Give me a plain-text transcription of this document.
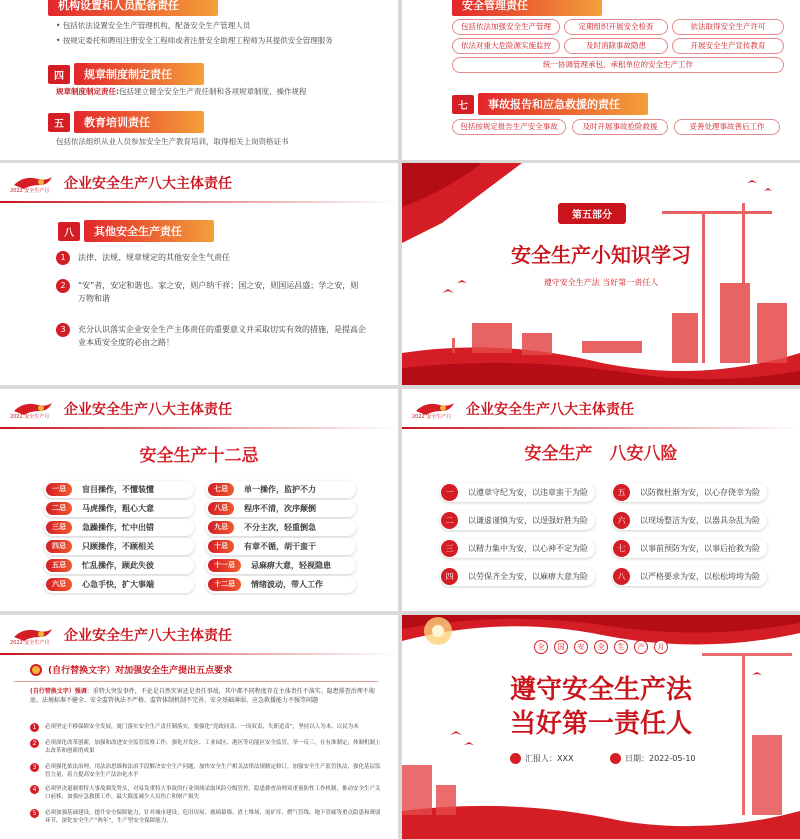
机构设置和人员配备责任
• 包括依法设置安全生产管理机构，配备安全生产管理人员
• 按规定委托和聘用注册安全工程师或者注册安全助理工程师为其提供安全管理服务
四	规章制度制定责任
规章制度制定责任:包括建立健全安全生产责任制和各项规章制度、操作规程
五	教育培训责任
包括依法组织从业人员参加安全生产教育培训，取得相关上岗资格证书
安全管理责任
包括依法加强安全生产管理	定期组织开展安全检查	依法取得安全生产许可
依法对重大危险源实施监控	及时消除事故隐患	开展安全生产宣传教育
统一协调管理承包、承租单位的安全生产工作
七	事故报告和应急救援的责任
包括按规定报告生产安全事故	及时开展事故抢险救援	妥善处理事故善后工作
2022 安全生产月 企业安全生产八大主体责任
八	其他安全生产责任
1	法律、法规、规章规定的其他安全生气责任
2	“安”者，安定和谐也。家之安，则户纳千祥；国之安，则国运昌盛；学之安，则万物和谐
3	充分认识落实企业安全生产主体责任的重要意义并采取切实有效的措施，是提高企业本质安全度的必由之路！
第五部分
安全生产小知识学习
遵守安全生产法 当好第一责任人
2022 安全生产月 企业安全生产八大主体责任
安全生产十二忌
一忌	盲目操作，不懂装懂
二忌	马虎操作，粗心大意
三忌	急躁操作，忙中出错
四忌	只顾操作，不顾相关
五忌	忙乱操作，顾此失彼
六忌	心急手快，扩大事端
七忌	单一操作，监护不力
八忌	程序不清，次序颠倒
九忌	不分主次，轻重倒急
十忌	有章不循，胡干蛮干
十一忌	忌麻痹大意，轻视隐患
十二忌	情绪波动，带人工作
2022 安全生产月 企业安全生产八大主体责任
安全生产　八安八险
一	以遵章守纪为安，以违章蛮干为险
二	以谦虚谨慎为安，以逞强好胜为险
三	以精力集中为安，以心神不定为险
四	以劳保齐全为安，以麻痹大意为险
五	以防微杜渐为安，以心存侥幸为险
六	以现场整洁为安，以器具杂乱为险
七	以事前预防为安，以事后抢救为险
八	以严格要求为安，以松松垮垮为险
2022 安全生产月 企业安全生产八大主体责任
(自行替换文字）对加强安全生产提出五点要求
(自行替换文字）强调：重特大突发事件，不论是自然灾害还是责任事故，其中都不同程度存在主体责任不落实、隐患排查治理不彻底、法规标准不健全、安全监管执法不严格、监管体制机制不完善、安全基础薄弱、应急救援能力不强等问题
1	必须坚定不移保障安全发展，厦门落实安全生产责任制落实，要强化“党政同责、一岗双责、失职追责”，坚持以人为本、以民为本
2	必须深化改革创新，加强和改进安全监管监察工作，强化开发区、工业园区、港区等功能区安全监管，举一反三，在有准制定，体制机制上去改革和创新的成果
3	必须强化依法治理，用法治思维和法治手段解决安全生产问题，加快安全生产相关法律法规制定修订，加强安全生产监管执法，强化基层监管力量，着力提高安全生产法治化水平
4	必须坚决遏制重特大事故频发势头，对易发重特大事故的行业领域采取风险分级管控、隐患排查治理双重预防性工作机制，推动安全生产关口前移，加强应急救援工作，最大限度减少人员伤亡和财产损失
5	必须加强基础建设，提升安全保障能力，针对城市建设、危旧房屋、玻璃幕墙、渣土堆场、尾矿库、燃气管线、地下管廊等重点隐患和薄弱环节，深化安全生产“两年”，生产型安全保障能力。
全	国	安	全	生	产	月
遵守安全生产法
当好第一责任人
汇报人： XXX	日期： 2022-05-10
